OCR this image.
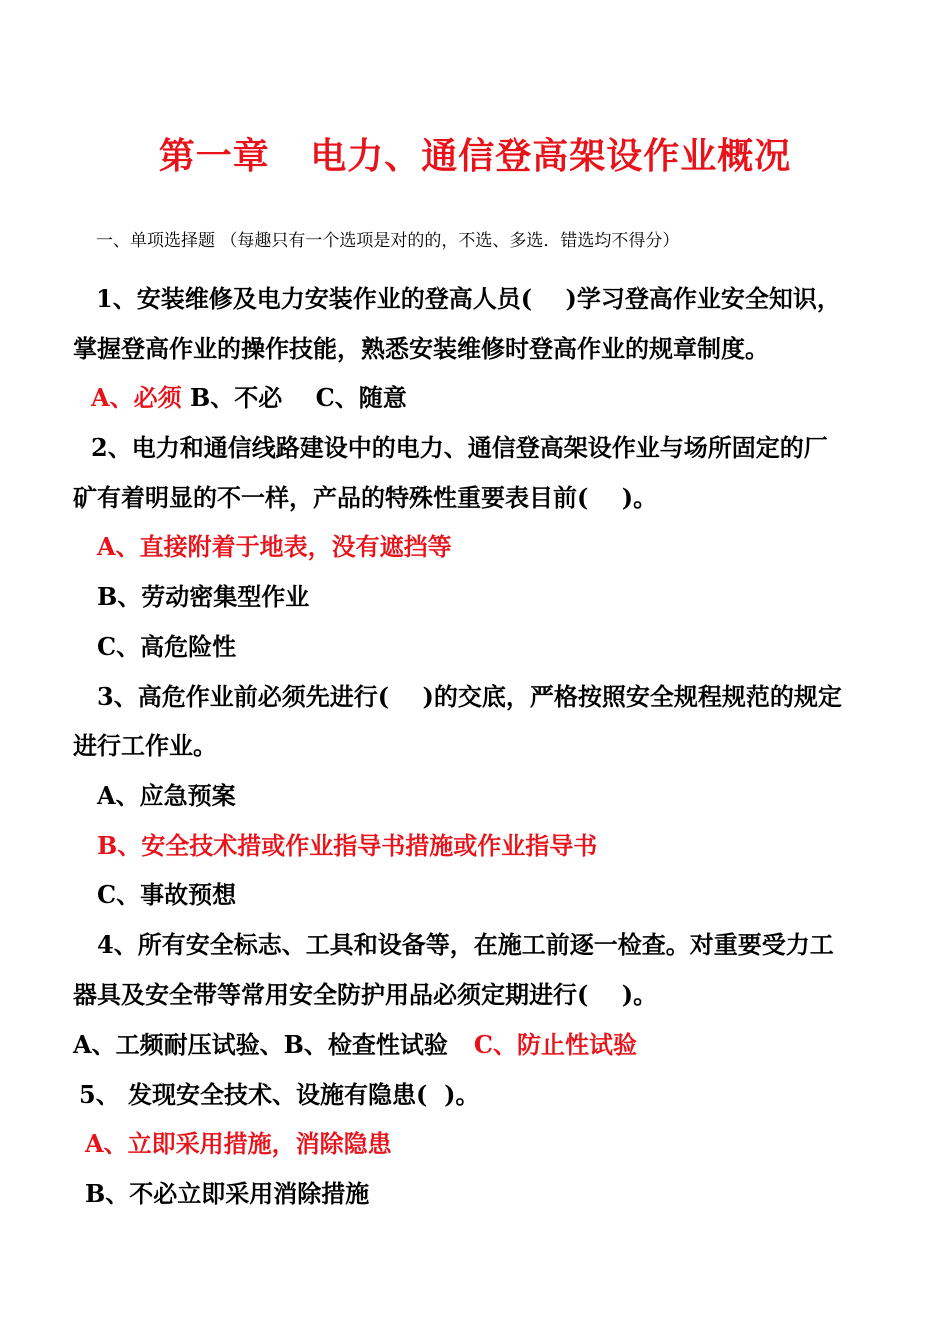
第一章   电力、通信登高架设作业概况
一、单项选择题 （每趣只有一个选项是对的的，不选、多选．错选均不得分）
1、安装维修及电力安装作业的登高人员(    )学习登高作业安全知识，
掌握登高作业的操作技能，熟悉安装维修时登高作业的规章制度。
A、必须 B、不必    C、随意
2、电力和通信线路建设中的电力、通信登高架设作业与场所固定的厂
矿有着明显的不一样，产品的特殊性重要表目前(    )。
A、直接附着于地表，没有遮挡等
B、劳动密集型作业
C、高危险性
3、高危作业前必须先进行(    )的交底，严格按照安全规程规范的规定
进行工作业。
A、应急预案
B、安全技术措或作业指导书措施或作业指导书
C、事故预想
4、所有安全标志、工具和设备等，在施工前逐一检查。对重要受力工
器具及安全带等常用安全防护用品必须定期进行(    )。
A、工频耐压试验、B、检查性试验 C、防止性试验
5、 发现安全技术、设施有隐患(  )。
A、立即采用措施，消除隐患
B、不必立即采用消除措施
